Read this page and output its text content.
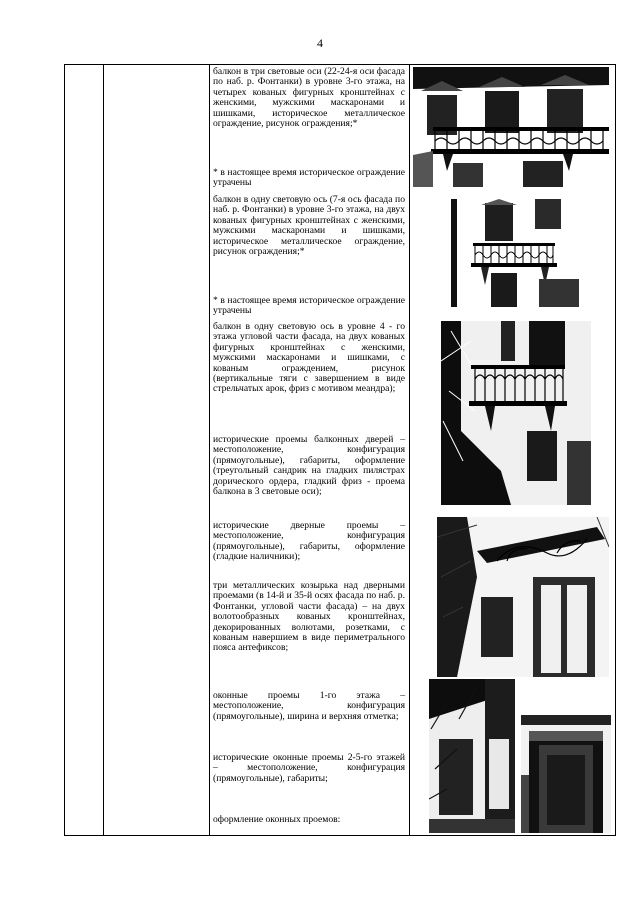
4

балкон в три световые оси (22-24-я оси фасада по наб. р. Фонтанки) в уровне 3-го этажа, на четырех кованых фигурных кронштейнах с женскими, мужскими маскаронами и шишками, историческое металлическое ограждение, рисунок ограждения;*

* в настоящее время историческое ограждение утрачены

балкон в одну световую ось (7-я ось фасада по наб. р. Фонтанки) в уровне 3-го этажа, на двух кованых фигурных кронштейнах с женскими, мужскими маскаронами и шишками, историческое металлическое ограждение, рисунок ограждения;*

* в настоящее время историческое ограждение утрачены

балкон в одну световую ось в уровне 4 - го этажа угловой части фасада, на двух кованых фигурных кронштейнах с женскими, мужскими маскаронами и шишками, с кованым ограждением, рисунок (вертикальные тяги с завершением в виде стрельчатых арок, фриз с мотивом меандра);

исторические проемы балконных дверей – местоположение, конфигурация (прямоугольные), габариты, оформление (треугольный сандрик на гладких пилястрах дорического ордера, гладкий фриз - проема балкона в 3 световые оси);

исторические дверные проемы – местоположение, конфигурация (прямоугольные), габариты, оформление (гладкие наличники);

три металлических козырька над дверными проемами (в 14-й и 35-й осях фасада по наб. р. Фонтанки, угловой части фасада) – на двух волотообразных кованых кронштейнах, декорированных волютами, розетками, с кованым навершием в виде периметрального пояса антефиксов;

оконные проемы 1-го этажа – местоположение, конфигурация (прямоугольные), ширина и верхняя отметка;

исторические оконные проемы 2-5-го этажей – местоположение, конфигурация (прямоугольные), габариты;

оформление оконных проемов:
